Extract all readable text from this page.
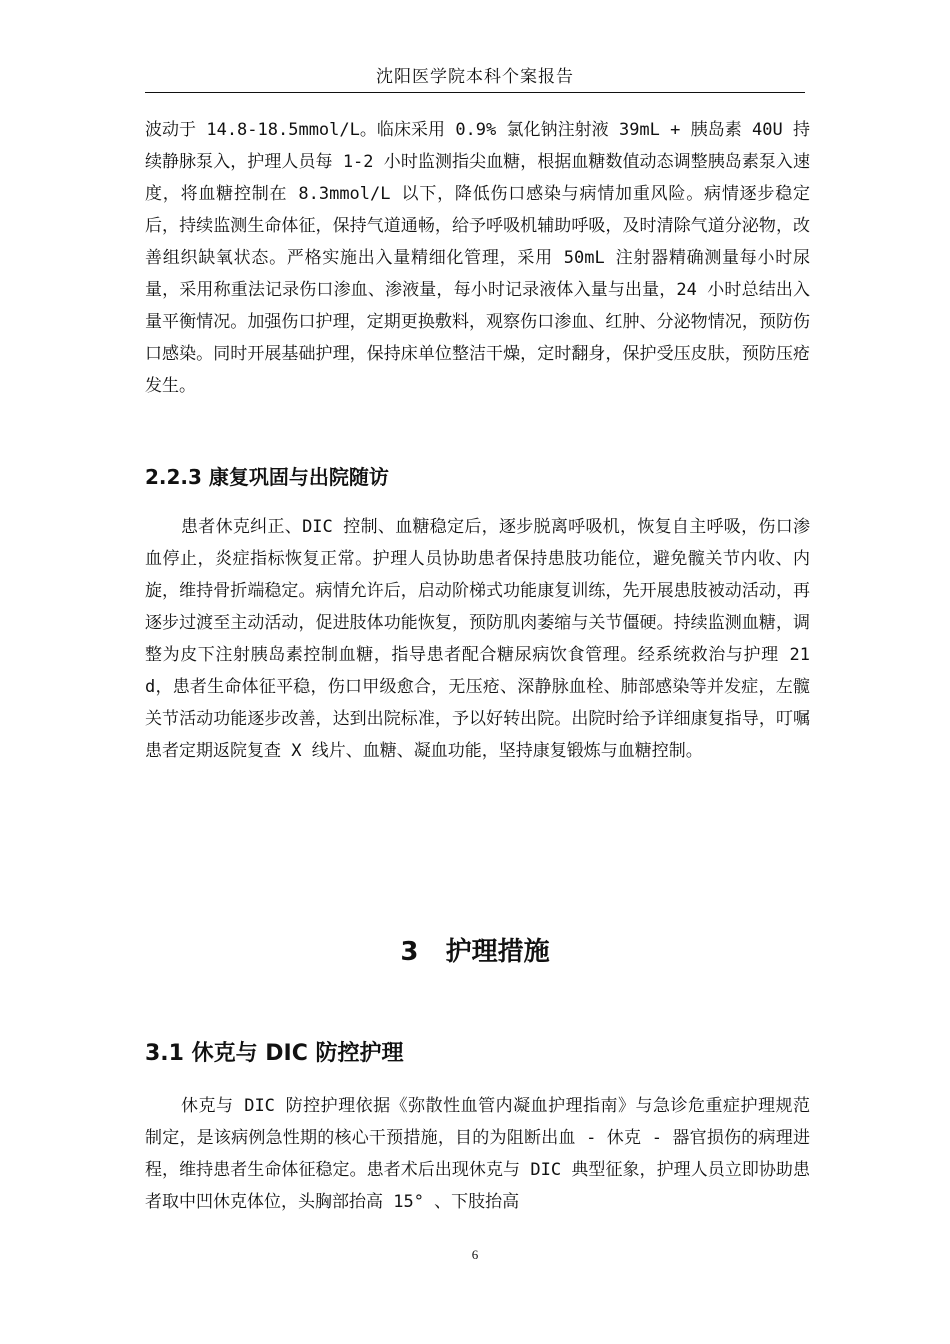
沈阳医学院本科个案报告

波动于 14.8-18.5mmol/L。临床采用 0.9% 氯化钠注射液 39mL + 胰岛素 40U 持续静脉泵入，护理人员每 1-2 小时监测指尖血糖，根据血糖数值动态调整胰岛素泵入速度，将血糖控制在 8.3mmol/L 以下，降低伤口感染与病情加重风险。病情逐步稳定后，持续监测生命体征，保持气道通畅，给予呼吸机辅助呼吸，及时清除气道分泌物，改善组织缺氧状态。严格实施出入量精细化管理，采用 50mL 注射器精确测量每小时尿量，采用称重法记录伤口渗血、渗液量，每小时记录液体入量与出量，24 小时总结出入量平衡情况。加强伤口护理，定期更换敷料，观察伤口渗血、红肿、分泌物情况，预防伤口感染。同时开展基础护理，保持床单位整洁干燥，定时翻身，保护受压皮肤，预防压疮发生。

2.2.3 康复巩固与出院随访

患者休克纠正、DIC 控制、血糖稳定后，逐步脱离呼吸机，恢复自主呼吸，伤口渗血停止，炎症指标恢复正常。护理人员协助患者保持患肢功能位，避免髋关节内收、内旋，维持骨折端稳定。病情允许后，启动阶梯式功能康复训练，先开展患肢被动活动，再逐步过渡至主动活动，促进肢体功能恢复，预防肌肉萎缩与关节僵硬。持续监测血糖，调整为皮下注射胰岛素控制血糖，指导患者配合糖尿病饮食管理。经系统救治与护理 21d，患者生命体征平稳，伤口甲级愈合，无压疮、深静脉血栓、肺部感染等并发症，左髋关节活动功能逐步改善，达到出院标准，予以好转出院。出院时给予详细康复指导，叮嘱患者定期返院复查 X 线片、血糖、凝血功能，坚持康复锻炼与血糖控制。

3 护理措施
3.1 休克与 DIC 防控护理

休克与 DIC 防控护理依据《弥散性血管内凝血护理指南》与急诊危重症护理规范制定，是该病例急性期的核心干预措施，目的为阻断出血 - 休克 - 器官损伤的病理进程，维持患者生命体征稳定。患者术后出现休克与 DIC 典型征象，护理人员立即协助患者取中凹休克体位，头胸部抬高 15° 、下肢抬高

6
